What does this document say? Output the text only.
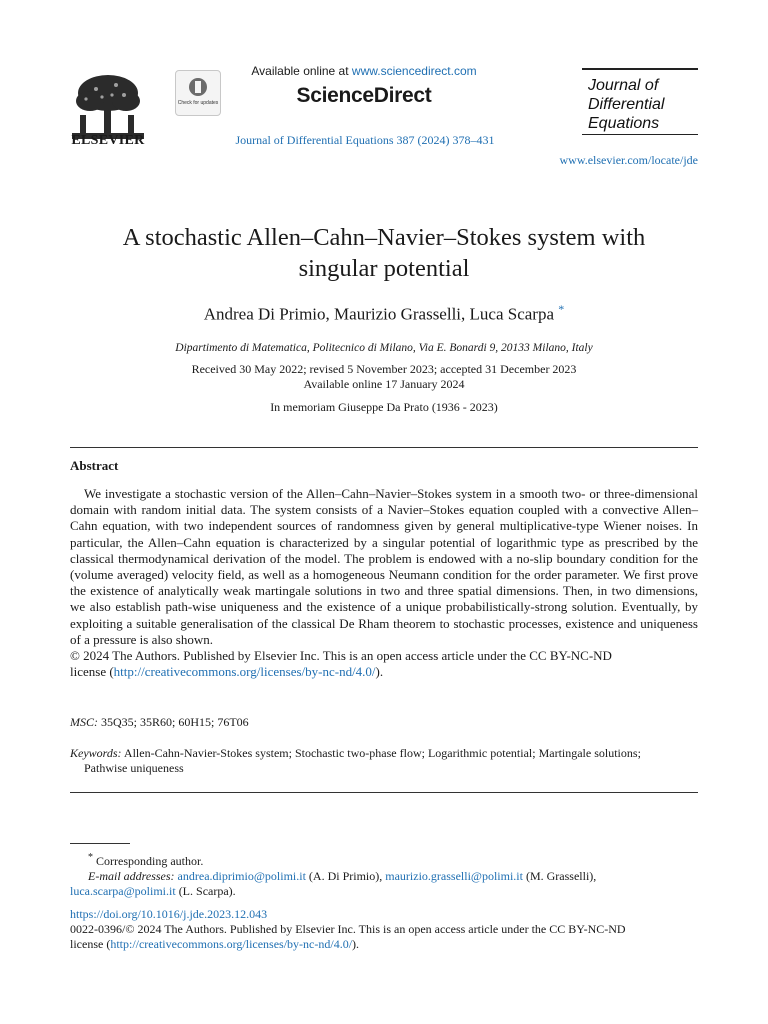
ELSEVIER
Check for updates
Available online at www.sciencedirect.com
ScienceDirect
Journal of Differential Equations 387 (2024) 378–431
Journal of
Differential
Equations
www.elsevier.com/locate/jde
A stochastic Allen–Cahn–Navier–Stokes system with
singular potential
Andrea Di Primio, Maurizio Grasselli, Luca Scarpa *
Dipartimento di Matematica, Politecnico di Milano, Via E. Bonardi 9, 20133 Milano, Italy
Received 30 May 2022; revised 5 November 2023; accepted 31 December 2023
Available online 17 January 2024
In memoriam Giuseppe Da Prato (1936 - 2023)
Abstract

We investigate a stochastic version of the Allen–Cahn–Navier–Stokes system in a smooth two- or three-dimensional domain with random initial data. The system consists of a Navier–Stokes equation coupled with a convective Allen–Cahn equation, with two independent sources of randomness given by general multiplicative-type Wiener noises. In particular, the Allen–Cahn equation is characterized by a singular potential of logarithmic type as prescribed by the classical thermodynamical derivation of the model. The problem is endowed with a no-slip boundary condition for the (volume averaged) velocity field, as well as a homogeneous Neumann condition for the order parameter. We first prove the existence of analytically weak martingale solutions in two and three spatial dimensions. Then, in two dimensions, we also establish path-wise uniqueness and the existence of a unique probabilistically-strong solution. Eventually, by exploiting a suitable generalisation of the classical De Rham theorem to stochastic processes, existence and uniqueness of a pressure is also shown.

© 2024 The Authors. Published by Elsevier Inc. This is an open access article under the CC BY-NC-ND
license (http://creativecommons.org/licenses/by-nc-nd/4.0/).

MSC: 35Q35; 35R60; 60H15; 76T06
Keywords: Allen-Cahn-Navier-Stokes system; Stochastic two-phase flow; Logarithmic potential; Martingale solutions;
Pathwise uniqueness
* Corresponding author.
E-mail addresses: andrea.diprimio@polimi.it (A. Di Primio), maurizio.grasselli@polimi.it (M. Grasselli),
luca.scarpa@polimi.it (L. Scarpa).
https://doi.org/10.1016/j.jde.2023.12.043
0022-0396/© 2024 The Authors. Published by Elsevier Inc. This is an open access article under the CC BY-NC-ND
license (http://creativecommons.org/licenses/by-nc-nd/4.0/).
